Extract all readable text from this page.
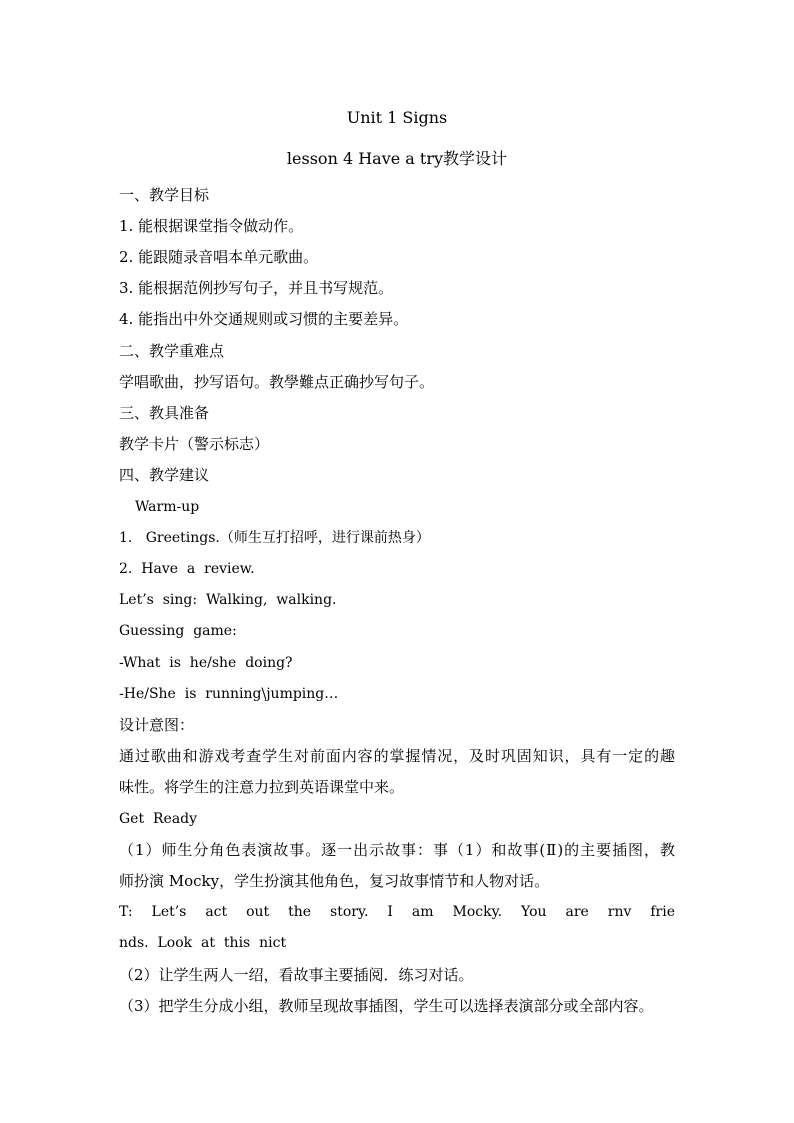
Unit 1 Signs
lesson 4 Have a try教学设计
一、教学目标
1. 能根据课堂指令做动作。
2. 能跟随录音唱本单元歌曲。
3. 能根据范例抄写句子，并且书写规范。
4. 能指出中外交通规则或习惯的主要差异。
二、教学重难点
学唱歌曲，抄写语句。教學難点正确抄写句子。
三、教具准备
教学卡片（警示标志）
四、教学建议
Warm-up
1.   Greetings.（师生互打招呼，进行课前热身）
2.  Have  a  review.
Let’s  sing:  Walking,  walking.
Guessing  game:
-What  is  he/she  doing?
-He/She  is  running\jumping…
设计意图：
通过歌曲和游戏考查学生对前面内容的掌握情况，及时巩固知识，具有一定的趣
味性。将学生的注意力拉到英语课堂中来。
Get  Ready
（1）师生分角色表演故事。逐一出示故事：事（1）和故事(Ⅱ)的主要插图，教
师扮演 Mocky，学生扮演其他角色，复习故事情节和人物对话。
T: Let’s act out the story. I am Mocky. You are rnv frie
nds.  Look  at  this  nict
（2）让学生两人一绍，看故事主要插阅．练习对话。
（3）把学生分成小组，教师呈现故事插图，学生可以选择表演部分或全部内容。
